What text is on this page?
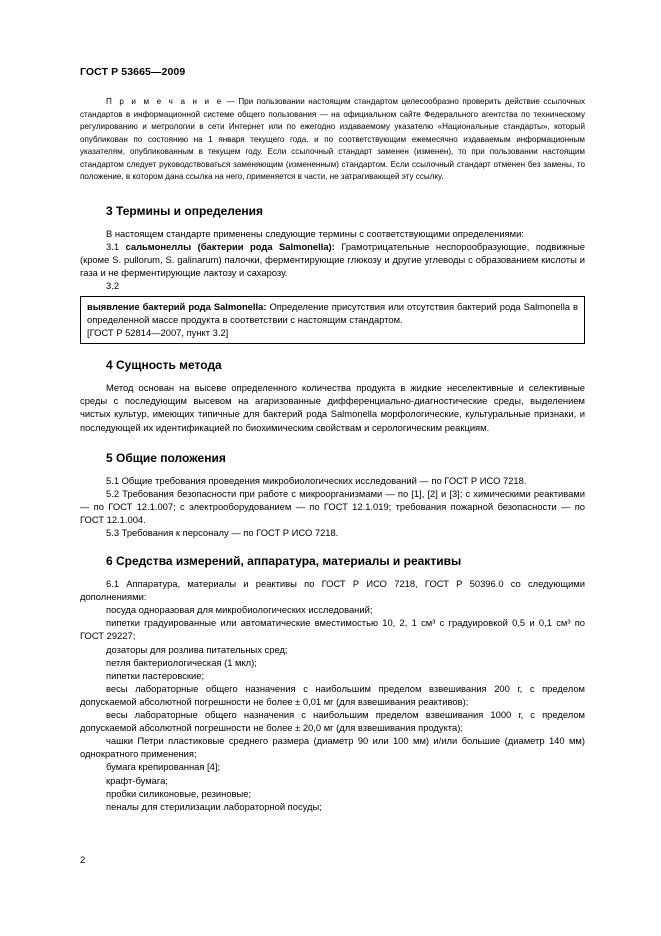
ГОСТ Р 53665—2009

П р и м е ч а н и е — При пользовании настоящим стандартом целесообразно проверить действие ссылочных стандартов в информационной системе общего пользования — на официальном сайте Федерального агентства по техническому регулированию и метрологии в сети Интернет или по ежегодно издаваемому указателю «Национальные стандарты», который опубликован по состоянию на 1 января текущего года, и по соответствующим ежемесячно издаваемым информационным указателям, опубликованным в текущем году. Если ссылочный стандарт заменен (изменен), то при пользовании настоящим стандартом следует руководствоваться заменяющим (измененным) стандартом. Если ссылочный стандарт отменен без замены, то положение, в котором дана ссылка на него, применяется в части, не затрагивающей эту ссылку.

3 Термины и определения

В настоящем стандарте применены следующие термины с соответствующими определениями:

3.1 сальмонеллы (бактерии рода Salmonella): Грамотрицательные неспорообразующие, подвижные (кроме S. pullorum, S. galinarum) палочки, ферментирующие глюкозу и другие углеводы с образованием кислоты и газа и не ферментирующие лактозу и сахарозу.

3.2

выявление бактерий рода Salmonella: Определение присутствия или отсутствия бактерий рода Salmonella в определенной массе продукта в соответствии с настоящим стандартом.

[ГОСТ Р 52814—2007, пункт 3.2]

4 Сущность метода

Метод основан на высеве определенного количества продукта в жидкие неселективные и селективные среды с последующим высевом на агаризованные дифференциально-диагностические среды, выделением чистых культур, имеющих типичные для бактерий рода Salmonella морфологические, культуральные признаки, и последующей их идентификацией по биохимическим свойствам и серологическим реакциям.

5 Общие положения

5.1 Общие требования проведения микробиологических исследований — по ГОСТ Р ИСО 7218.

5.2 Требования безопасности при работе с микроорганизмами — по [1], [2] и [3]; с химическими реактивами — по ГОСТ 12.1.007; с электрооборудованием — по ГОСТ 12.1.019; требования пожарной безопасности — по ГОСТ 12.1.004.

5.3 Требования к персоналу — по ГОСТ Р ИСО 7218.

6 Средства измерений, аппаратура, материалы и реактивы

6.1 Аппаратура, материалы и реактивы по ГОСТ Р ИСО 7218, ГОСТ Р 50396.0 со следующими дополнениями:

посуда одноразовая для микробиологических исследований;

пипетки градуированные или автоматические вместимостью 10, 2, 1 см³ с градуировкой 0,5 и 0,1 см³ по ГОСТ 29227;

дозаторы для розлива питательных сред;

петля бактериологическая (1 мкл);

пипетки пастеровские;

весы лабораторные общего назначения с наибольшим пределом взвешивания 200 г, с пределом допускаемой абсолютной погрешности не более ± 0,01 мг (для взвешивания реактивов);

весы лабораторные общего назначения с наибольшим пределом взвешивания 1000 г, с пределом допускаемой абсолютной погрешности не более ± 20,0 мг (для взвешивания продукта);

чашки Петри пластиковые среднего размера (диаметр 90 или 100 мм) и/или большие (диаметр 140 мм) однократного применения;

бумага крепированная [4];

крафт-бумага;

пробки силиконовые, резиновые;

пеналы для стерилизации лабораторной посуды;

2
